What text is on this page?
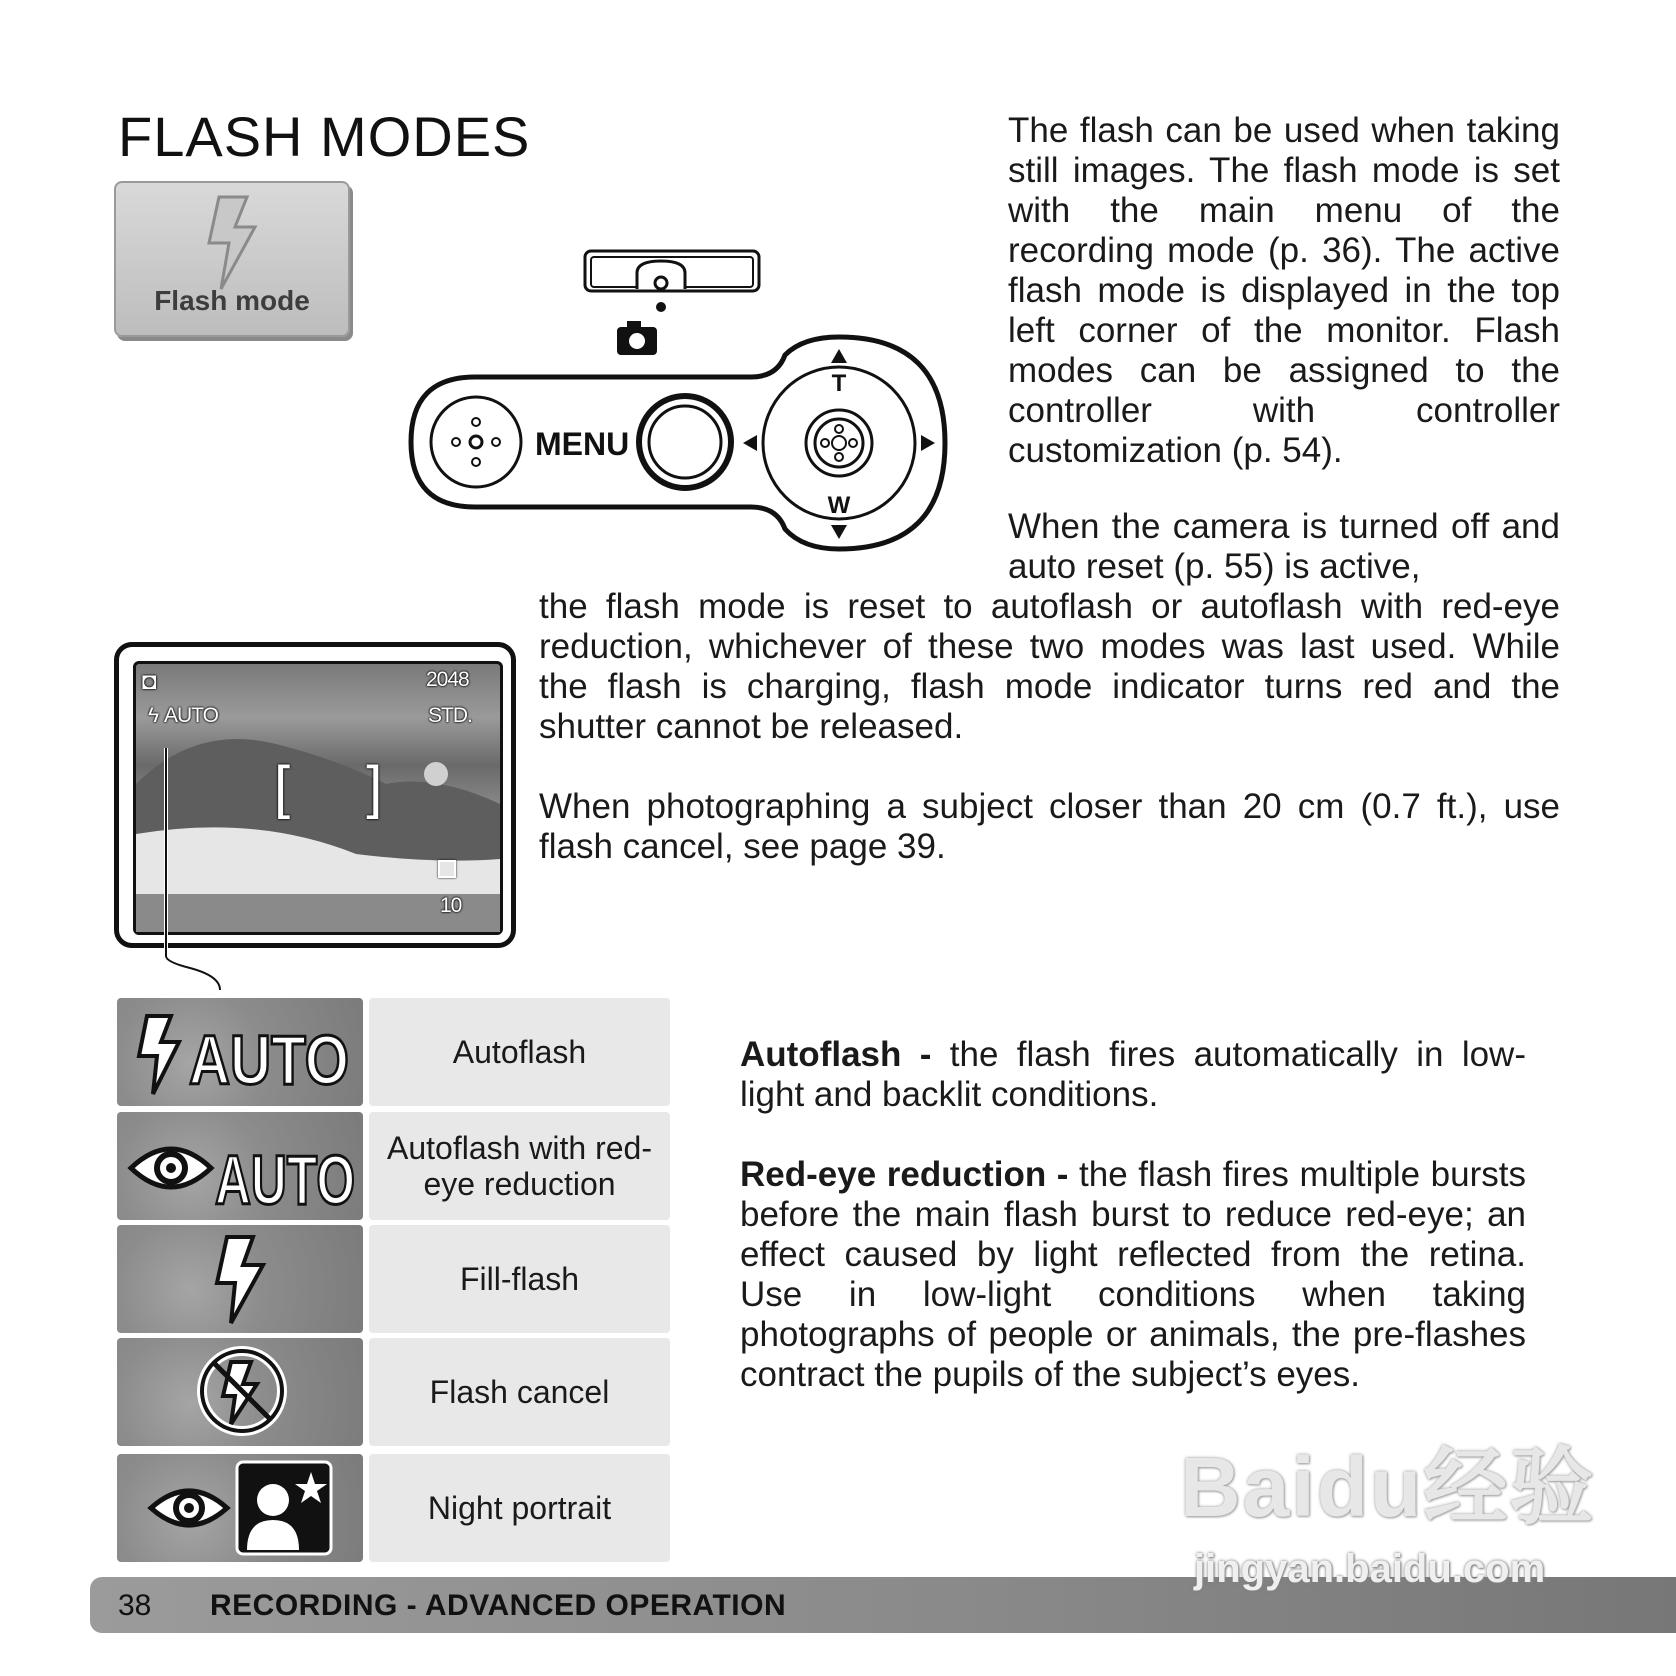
FLASH MODES
Flash mode
MENU
T
W

The flash can be used when taking still images. The flash mode is set with the main menu of the recording mode (p. 36). The active flash mode is displayed in the top left corner of the monitor. Flash modes can be assigned to the controller with controller customization (p. 54).

When the camera is turned off and auto reset (p. 55) is active,

the flash mode is reset to autoflash or autoflash with red-eye reduction, whichever of these two modes was last used. While the flash is charging, flash mode indicator turns red and the shutter cannot be released.

When photographing a subject closer than 20 cm (0.7 ft.), use flash cancel, see page 39.

◘
ϟ AUTO
2048
STD.
[ ]
10
AUTO	Autoflash
AUTO Autoflash with red-eye reduction
Fill-flash
Flash cancel
Night portrait

Autoflash - the flash fires automatically in low-light and backlit conditions.

Red-eye reduction - the flash fires multiple bursts before the main flash burst to reduce red-eye; an effect caused by light reflected from the retina. Use in low-light conditions when taking photographs of people or animals, the pre-flashes contract the pupils of the subject’s eyes.

38 RECORDING - ADVANCED OPERATION
Baidu经验
jingyan.baidu.com
